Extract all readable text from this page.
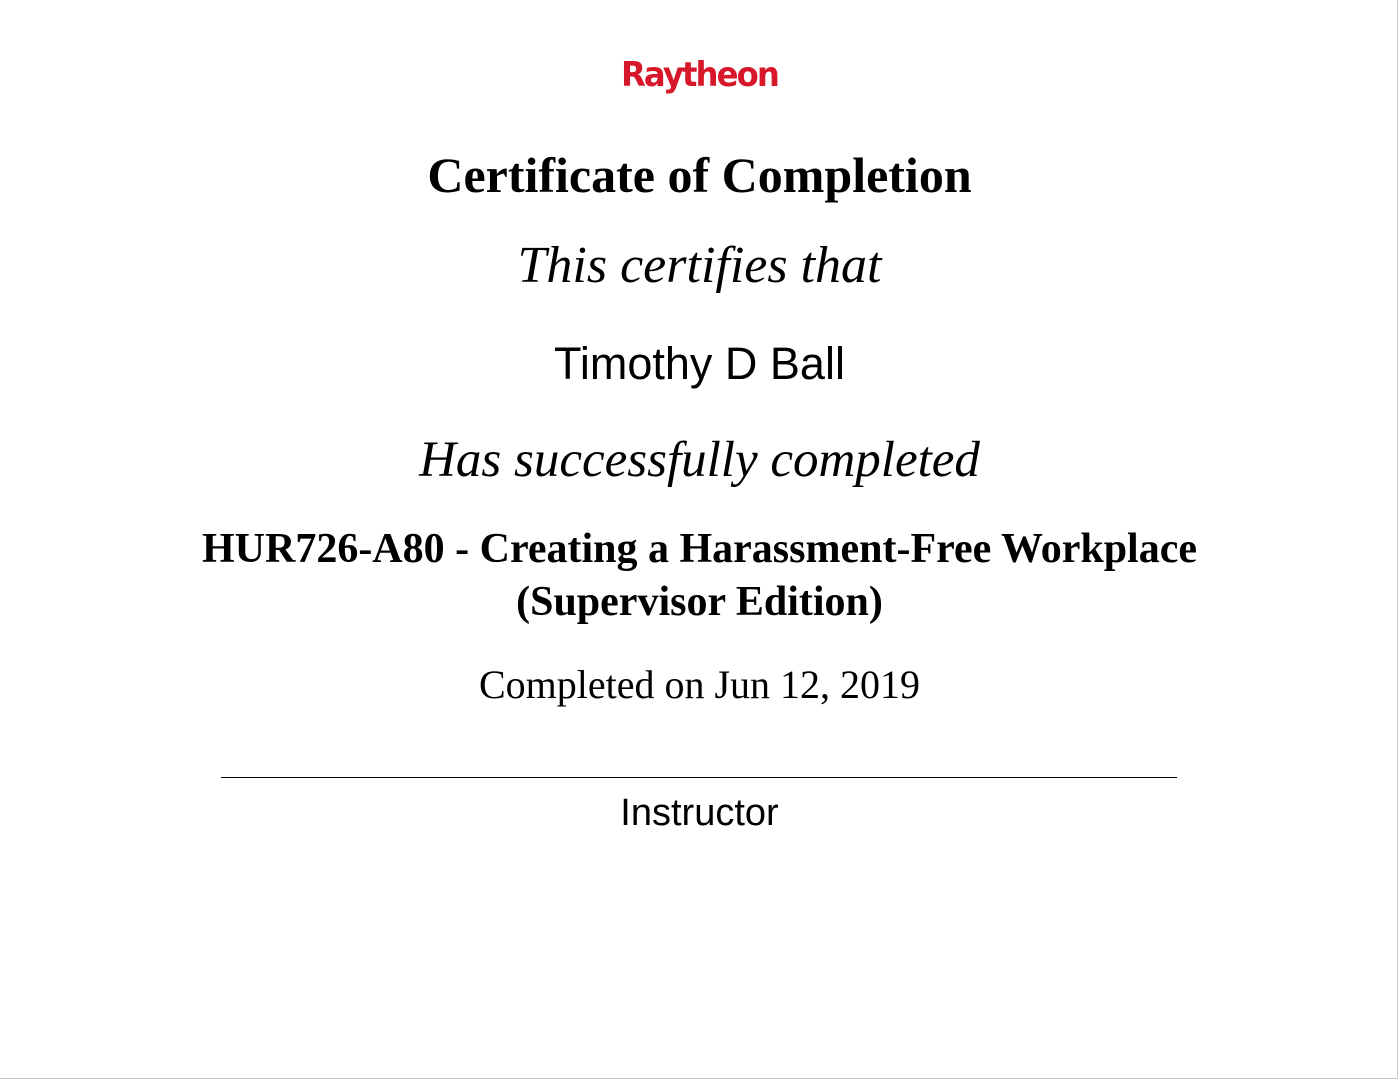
Raytheon
Certificate of Completion
This certifies that
Timothy D Ball
Has successfully completed
HUR726-A80 - Creating a Harassment-Free Workplace
(Supervisor Edition)
Completed on Jun 12, 2019
Instructor
